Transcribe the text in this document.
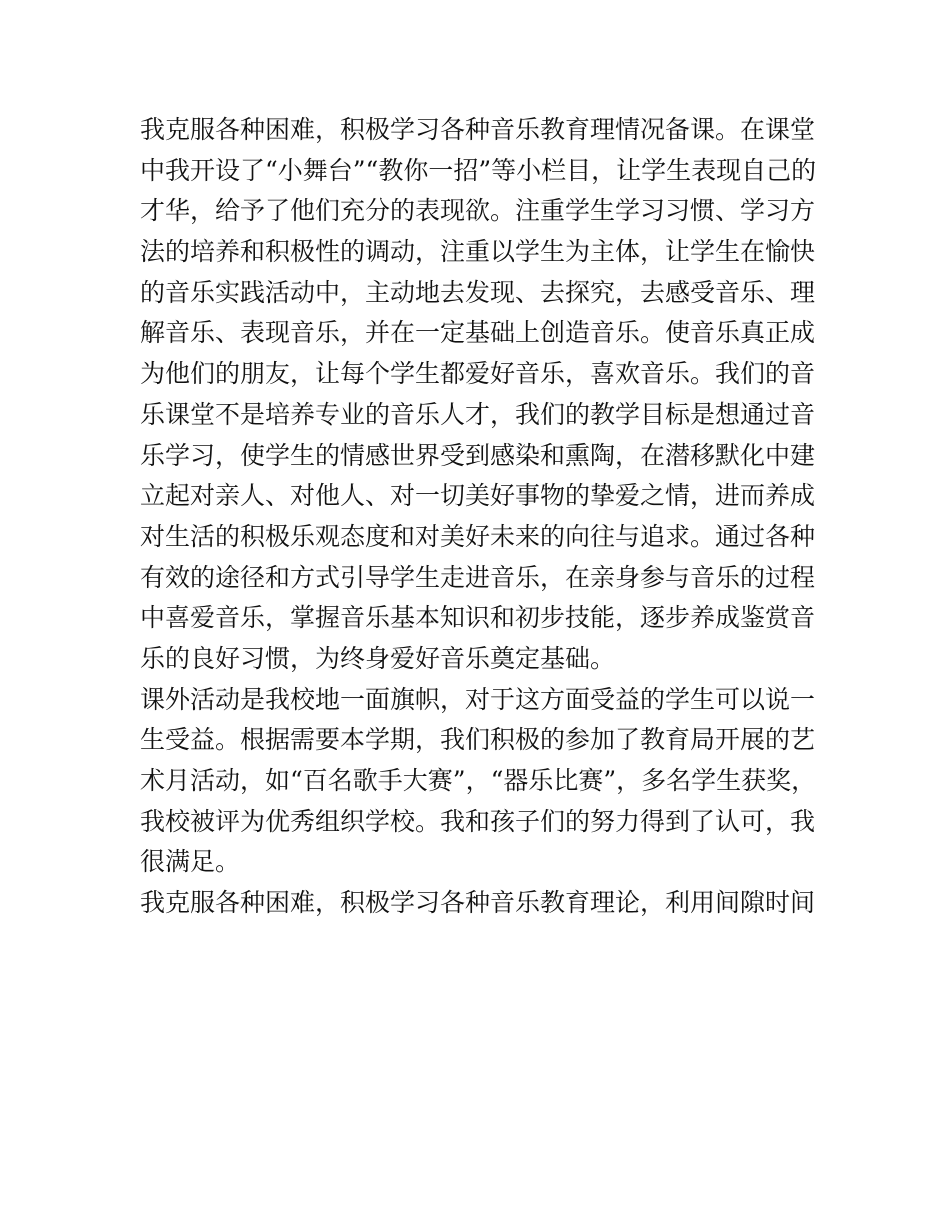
我克服各种困难，积极学习各种音乐教育理情况备课。在课堂
中我开设了“小舞台”“教你一招”等小栏目，让学生表现自己的
才华，给予了他们充分的表现欲。注重学生学习习惯、学习方
法的培养和积极性的调动，注重以学生为主体，让学生在愉快
的音乐实践活动中，主动地去发现、去探究，去感受音乐、理
解音乐、表现音乐，并在一定基础上创造音乐。使音乐真正成
为他们的朋友，让每个学生都爱好音乐，喜欢音乐。我们的音
乐课堂不是培养专业的音乐人才，我们的教学目标是想通过音
乐学习，使学生的情感世界受到感染和熏陶，在潜移默化中建
立起对亲人、对他人、对一切美好事物的挚爱之情，进而养成
对生活的积极乐观态度和对美好未来的向往与追求。通过各种
有效的途径和方式引导学生走进音乐，在亲身参与音乐的过程
中喜爱音乐，掌握音乐基本知识和初步技能，逐步养成鉴赏音
乐的良好习惯，为终身爱好音乐奠定基础。
课外活动是我校地一面旗帜，对于这方面受益的学生可以说一
生受益。根据需要本学期，我们积极的参加了教育局开展的艺
术月活动，如“百名歌手大赛”，“器乐比赛”，多名学生获奖，
我校被评为优秀组织学校。我和孩子们的努力得到了认可，我
很满足。
我克服各种困难，积极学习各种音乐教育理论，利用间隙时间
